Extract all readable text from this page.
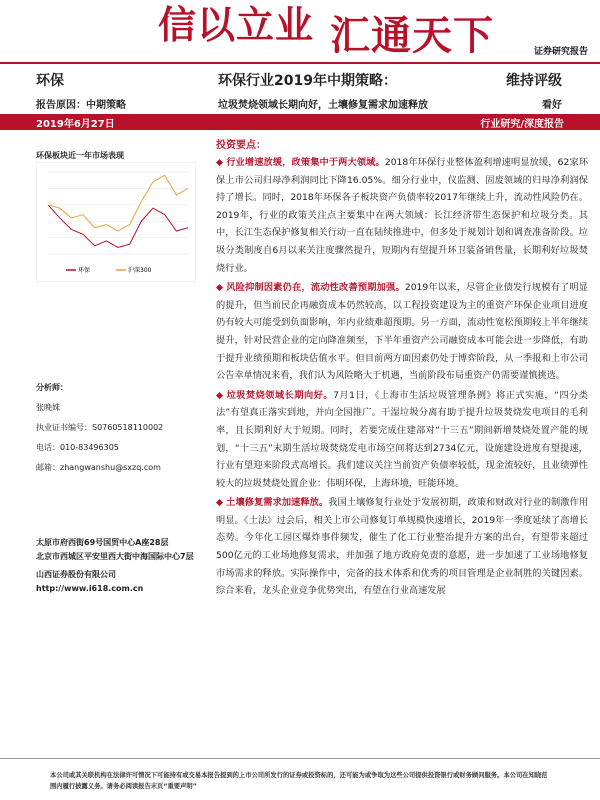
信以立业 汇通天下	证券研究报告
环保	环保行业2019年中期策略：	维持评级
报告原因：中期策略	垃圾焚烧领域长期向好，土壤修复需求加速释放	看好
2019年6月27日	行业研究/深度报告
环保板块近一年市场表现
环保	沪深300
分析师：
张晚姝
执业证书编号：S0760518110002
电话：010-83496305
邮箱：zhangwanshu@sxzq.com
太原市府西街69号国贸中心A座28层
北京市西城区平安里西大街中海国际中心7层
山西证券股份有限公司
http://www.i618.com.cn
投资要点：

◆ 行业增速放缓，政策集中于两大领域。2018年环保行业整体盈利增速明显放缓，62家环保上市公司归母净利润同比下降16.05%。细分行业中，仪监测、固废领域的归母净利润保持了增长。同时，2018年环保各子板块资产负债率较2017年继续上升，流动性风险仍在。2019年，行业的政策关注点主要集中在两大领域：长江经济带生态保护和垃圾分类。其中，长江生态保护修复相关行动一直在陆续推进中，但多处于规划计划和调查准备阶段。垃圾分类制度自6月以来关注度骤然提升，短期内有望提升环卫装备销售量，长期利好垃圾焚烧行业。

◆ 风险抑制因素仍在，流动性改善预期加强。2019年以来，尽管企业债发行规模有了明显的提升，但当前民企再融资成本仍然较高，以工程投资建设为主的重资产环保企业项目进度仍有较大可能受到负面影响，年内业绩难超预期。另一方面，流动性宽松预期较上半年继续提升，针对民营企业的定向降准频至，下半年重资产公司融资成本可能会进一步降低，有助于提升业绩预期和板块估值水平。但目前两方面因素仍处于博弈阶段，从一季报和上市公司公告幸单情况来看，我们认为风险略大于机遇，当前阶段布局重资产仍需要谨慎挑选。

◆ 垃圾焚烧领域长期向好。7月1日，《上海市生活垃圾管理条例》将正式实施，“四分类法”有望真正落实到地，并向全国推广。干湿垃圾分离有助于提升垃圾焚烧发电项目的毛利率，且长期利好大于短期。同时，若要完成住建部对“十三五”期间新增焚烧处置产能的规划，“十三五”末期生活垃圾焚烧发电市场空间将达到2734亿元，设施建设进度有望提速，行业有望迎来阶段式高增长。我们建议关注当前资产负债率较低，现金流较好，且业绩弹性较大的垃圾焚烧处置企业：伟明环保，上海环境，旺能环境。

◆ 土壤修复需求加速释放。我国土壤修复行业处于发展初期，政策和财政对行业的制激作用明显。《土法》过会后，相关上市公司修复订单规模快速增长，2019年一季度延续了高增长态势。今年化工园区爆炸事件频发，催生了化工行业整治提升方案的出台，有望带来超过500亿元的工业场地修复需求，并加强了地方政府免责的意愿，进一步加速了工业场地修复市场需求的释放。实际操作中，完备的技术体系和优秀的项目管理是企业制胜的关键因素。综合来看，龙头企业竞争优势突出，有望在行业高速发展

本公司或其关联机构在法律许可情况下可能持有或交易本报告提到的上市公司所发行的证券或投资标的，还可能为或争取为这些公司提供投资银行或财务顾问服务。本公司在知晓范围内履行披露义务。请务必阅读报告末页“重要声明”
